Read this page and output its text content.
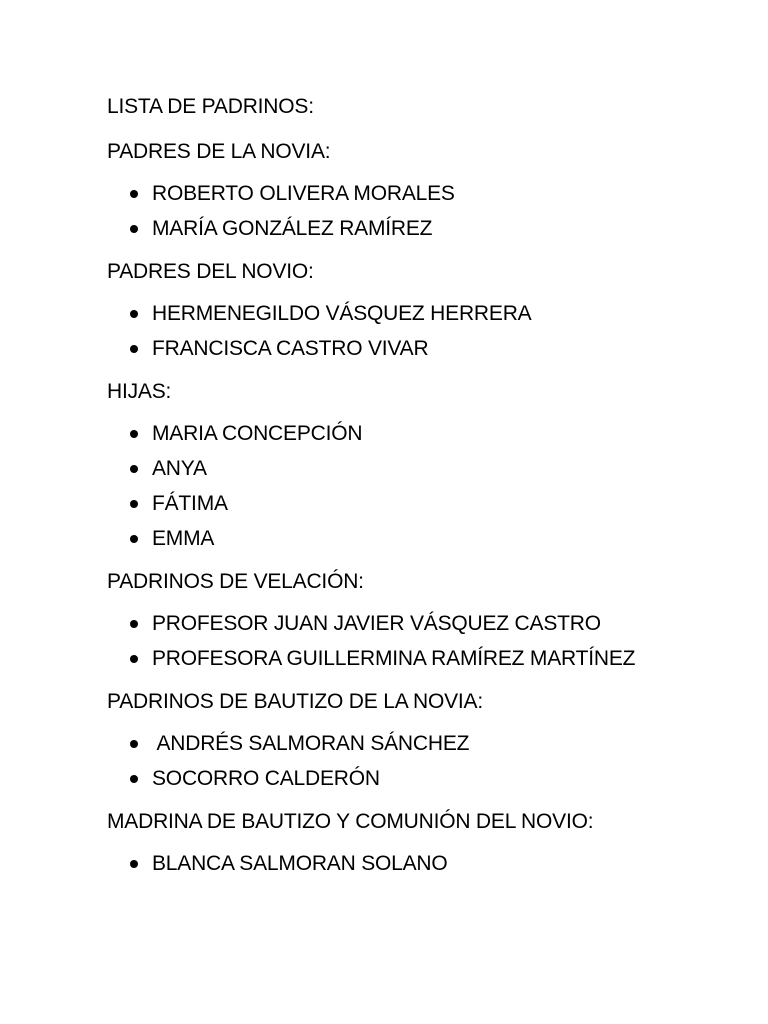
LISTA DE PADRINOS:
PADRES DE LA NOVIA:
ROBERTO OLIVERA MORALES
MARÍA GONZÁLEZ RAMÍREZ
PADRES DEL NOVIO:
HERMENEGILDO VÁSQUEZ HERRERA
FRANCISCA CASTRO VIVAR
HIJAS:
MARIA CONCEPCIÓN
ANYA
FÁTIMA
EMMA
PADRINOS DE VELACIÓN:
PROFESOR JUAN JAVIER VÁSQUEZ CASTRO
PROFESORA GUILLERMINA RAMÍREZ MARTÍNEZ
PADRINOS DE BAUTIZO DE LA NOVIA:
ANDRÉS SALMORAN SÁNCHEZ
SOCORRO CALDERÓN
MADRINA DE BAUTIZO Y COMUNIÓN DEL NOVIO:
BLANCA SALMORAN SOLANO
